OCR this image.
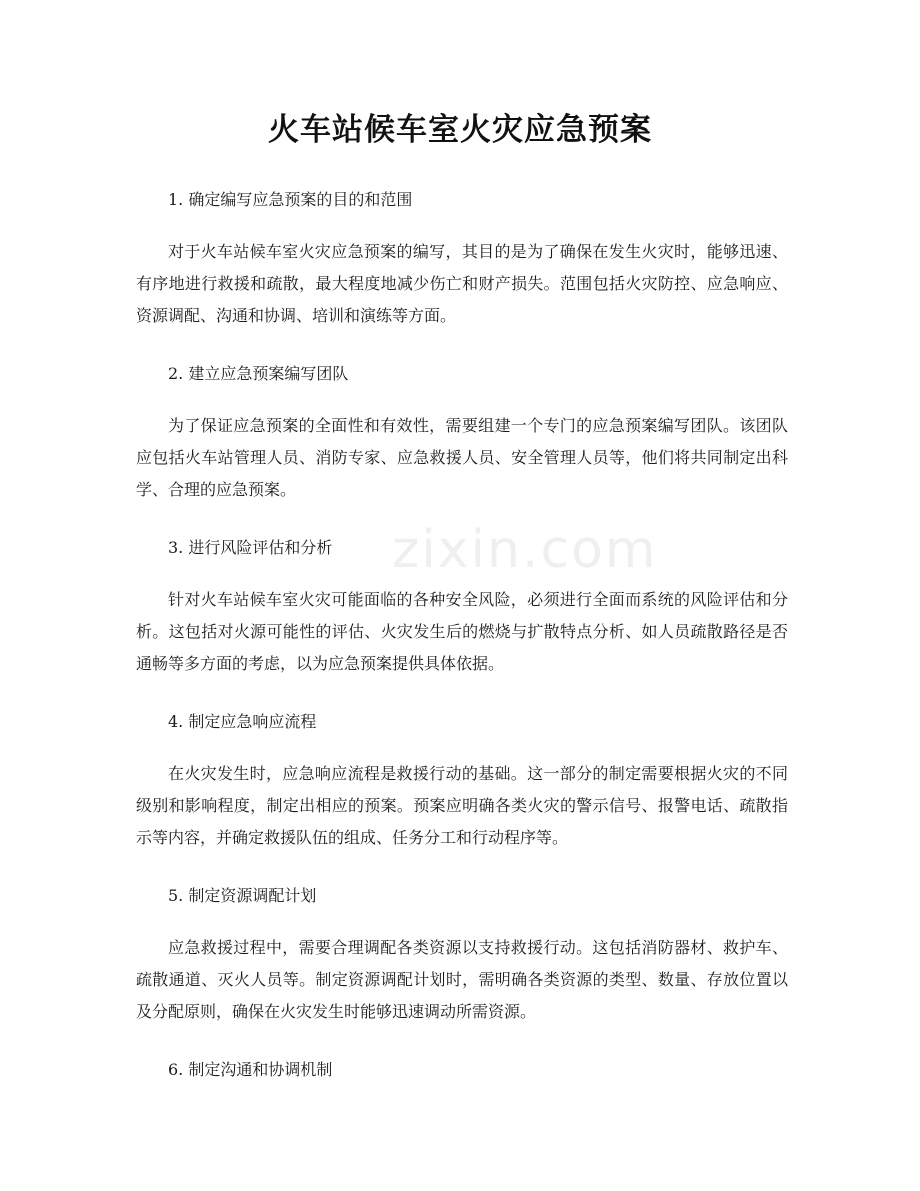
zixin.com
火车站候车室火灾应急预案
1. 确定编写应急预案的目的和范围

对于火车站候车室火灾应急预案的编写，其目的是为了确保在发生火灾时，能够迅速、有序地进行救援和疏散，最大程度地减少伤亡和财产损失。范围包括火灾防控、应急响应、资源调配、沟通和协调、培训和演练等方面。

2. 建立应急预案编写团队

为了保证应急预案的全面性和有效性，需要组建一个专门的应急预案编写团队。该团队应包括火车站管理人员、消防专家、应急救援人员、安全管理人员等，他们将共同制定出科学、合理的应急预案。

3. 进行风险评估和分析

针对火车站候车室火灾可能面临的各种安全风险，必须进行全面而系统的风险评估和分析。这包括对火源可能性的评估、火灾发生后的燃烧与扩散特点分析、如人员疏散路径是否通畅等多方面的考虑，以为应急预案提供具体依据。

4. 制定应急响应流程

在火灾发生时，应急响应流程是救援行动的基础。这一部分的制定需要根据火灾的不同级别和影响程度，制定出相应的预案。预案应明确各类火灾的警示信号、报警电话、疏散指示等内容，并确定救援队伍的组成、任务分工和行动程序等。

5. 制定资源调配计划

应急救援过程中，需要合理调配各类资源以支持救援行动。这包括消防器材、救护车、疏散通道、灭火人员等。制定资源调配计划时，需明确各类资源的类型、数量、存放位置以及分配原则，确保在火灾发生时能够迅速调动所需资源。

6. 制定沟通和协调机制
